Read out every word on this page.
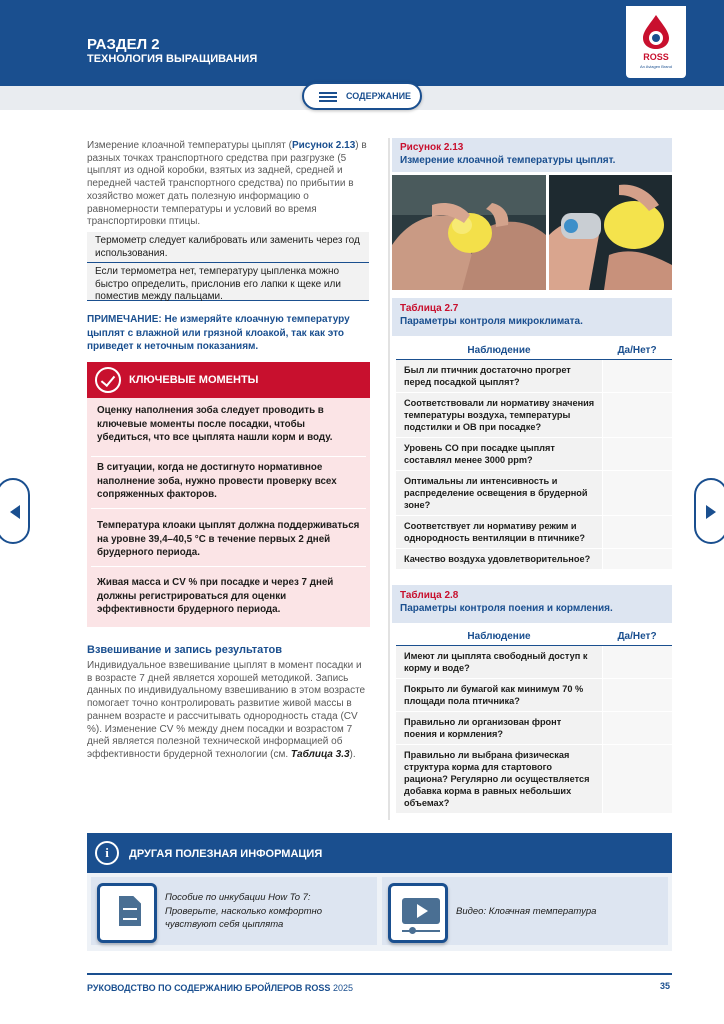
РАЗДЕЛ 2
ТЕХНОЛОГИЯ ВЫРАЩИВАНИЯ	ROSS
An Aviagen Brand
СОДЕРЖАНИЕ
Измерение клоачной температуры цыплят (Рисунок 2.13) в разных точках транспортного средства при разгрузке (5 цыплят из одной коробки, взятых из задней, средней и передней частей транспортного средства) по прибытии в хозяйство может дать полезную информацию о равномерности температуры и условий во время транспортировки птицы.
Термометр следует калибровать или заменить через год использования.
Если термометра нет, температуру цыпленка можно быстро определить, прислонив его лапки к щеке или поместив между пальцами.
ПРИМЕЧАНИЕ: Не измеряйте клоачную температуру цыплят с влажной или грязной клоакой, так как это приведет к неточным показаниям.
КЛЮЧЕВЫЕ МОМЕНТЫ
Оценку наполнения зоба следует проводить в ключевые моменты после посадки, чтобы убедиться, что все цыплята нашли корм и воду.
В ситуации, когда не достигнуто нормативное наполнение зоба, нужно провести проверку всех сопряженных факторов.
Температура клоаки цыплят должна поддерживаться на уровне 39,4–40,5 °C в течение первых 2 дней брудерного периода.
Живая масса и CV % при посадке и через 7 дней должны регистрироваться для оценки эффективности брудерного периода.
Взвешивание и запись результатов
Индивидуальное взвешивание цыплят в момент посадки и в возрасте 7 дней является хорошей методикой. Запись данных по индивидуальному взвешиванию в этом возрасте помогает точно контролировать развитие живой массы в раннем возрасте и рассчитывать однородность стада (CV %). Изменение CV % между днем посадки и возрастом 7 дней является полезной технической информацией об эффективности брудерной технологии (см. Таблица 3.3).
Рисунок 2.13
Измерение клоачной температуры цыплят.
Таблица 2.7
Параметры контроля микроклимата.
Наблюдение	Да/Нет?
Был ли птичник достаточно прогрет перед посадкой цыплят?
Соответствовали ли нормативу значения температуры воздуха, температуры подстилки и ОВ при посадке?
Уровень CO при посадке цыплят составлял менее 3000 ppm?
Оптимальны ли интенсивность и распределение освещения в брудерной зоне?
Соответствует ли нормативу режим и однородность вентиляции в птичнике?
Качество воздуха удовлетворительное?
Таблица 2.8
Параметры контроля поения и кормления.
Наблюдение	Да/Нет?
Имеют ли цыплята свободный доступ к корму и воде?
Покрыто ли бумагой как минимум 70 % площади пола птичника?
Правильно ли организован фронт поения и кормления?
Правильно ли выбрана физическая структура корма для стартового рациона? Регулярно ли осуществляется добавка корма в равных небольших объемах?
i	ДРУГАЯ ПОЛЕЗНАЯ ИНФОРМАЦИЯ
Пособие по инкубации How To 7: Проверьте, насколько комфортно чувствуют себя цыплята
Видео: Клоачная температура
РУКОВОДСТВО ПО СОДЕРЖАНИЮ БРОЙЛЕРОВ ROSS 2025	35
